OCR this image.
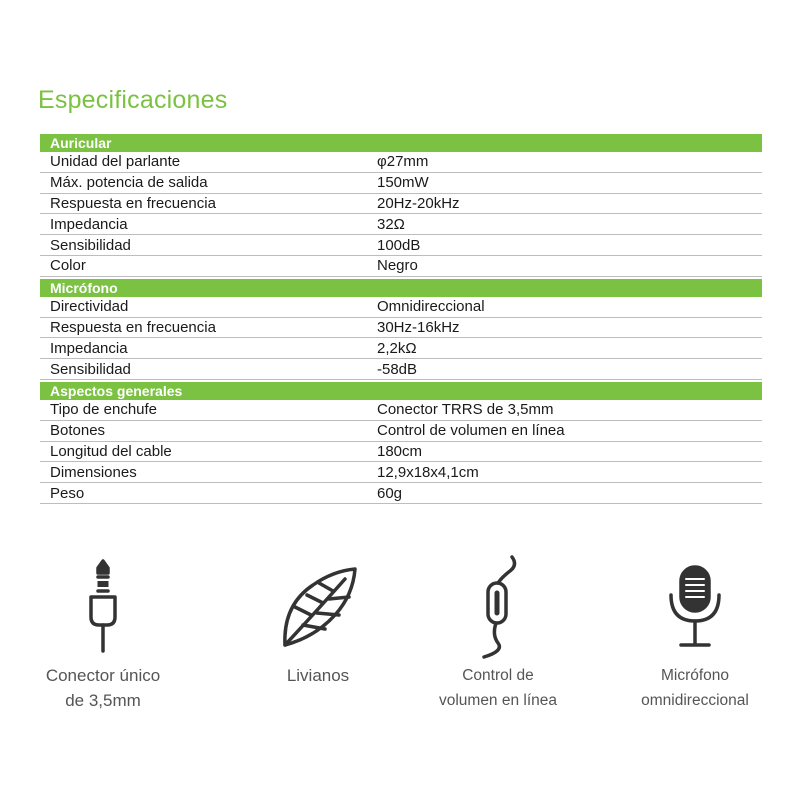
Especificaciones
Auricular
Unidad del parlante	φ27mm
Máx. potencia de salida	150mW
Respuesta en frecuencia	20Hz-20kHz
Impedancia	32Ω
Sensibilidad	100dB
Color	Negro
Micrófono
Directividad	Omnidireccional
Respuesta en frecuencia	30Hz-16kHz
Impedancia	2,2kΩ
Sensibilidad	-58dB
Aspectos generales
Tipo de enchufe	Conector TRRS de 3,5mm
Botones	Control de volumen en línea
Longitud del cable	180cm
Dimensiones	12,9x18x4,1cm
Peso	60g
Conector único
de 3,5mm
Livianos	Control de
volumen en línea
Micrófono
omnidireccional
